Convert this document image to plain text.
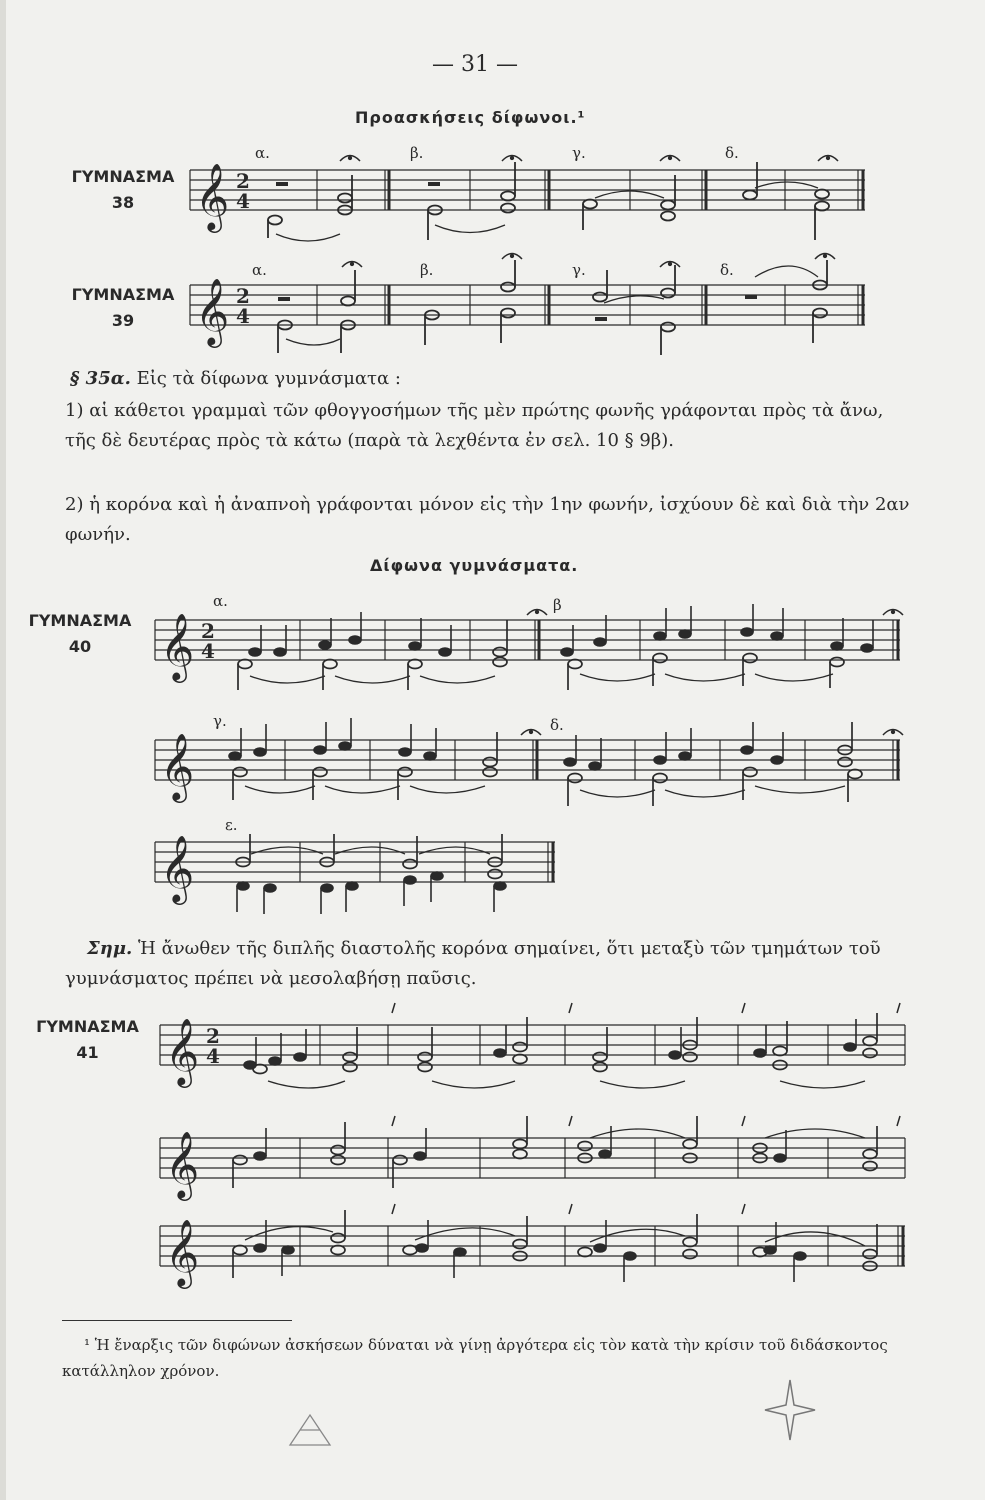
— 31 —
Προασκήσεις δίφωνοι.¹
ΓΥΜΝΑΣΜΑ
38	𝄞 2
4
α.	β.	γ.	δ.
ΓΥΜΝΑΣΜΑ
39	𝄞 2
4
α.	β.	γ.	δ.
§ 35α. Εἰς τὰ δίφωνα γυμνάσματα :
1) αἱ κάθετοι γραμμαὶ τῶν φθογγοσήμων τῆς μὲν πρώτης φωνῆς γράφονται πρὸς τὰ ἄνω, τῆς δὲ δευτέρας πρὸς τὰ κάτω (παρὰ τὰ λεχθέντα ἐν σελ. 10 § 9β).
2) ἡ κορόνα καὶ ἡ ἀναπνοὴ γράφονται μόνον εἰς τὴν 1ην φωνήν, ἰσχύουν δὲ καὶ διὰ τὴν 2αν φωνήν.
Δίφωνα γυμνάσματα.
ΓΥΜΝΑΣΜΑ
40	𝄞 2
4
α.	β
𝄞
γ.	δ.
𝄞
ε.
Σημ. Ἡ ἄνωθεν τῆς διπλῆς διαστολῆς κορόνα σημαίνει, ὅτι μεταξὺ τῶν τμημάτων τοῦ γυμνάσματος πρέπει νὰ μεσολαβήσῃ παῦσις.
ΓΥΜΝΑΣΜΑ
41	𝄞 2
4
𝄞
𝄞
¹ Ἡ ἔναρξις τῶν διφώνων ἀσκήσεων δύναται νὰ γίνῃ ἀργότερα εἰς τὸν κατὰ τὴν κρίσιν τοῦ διδάσκοντος κατάλληλον χρόνον.
